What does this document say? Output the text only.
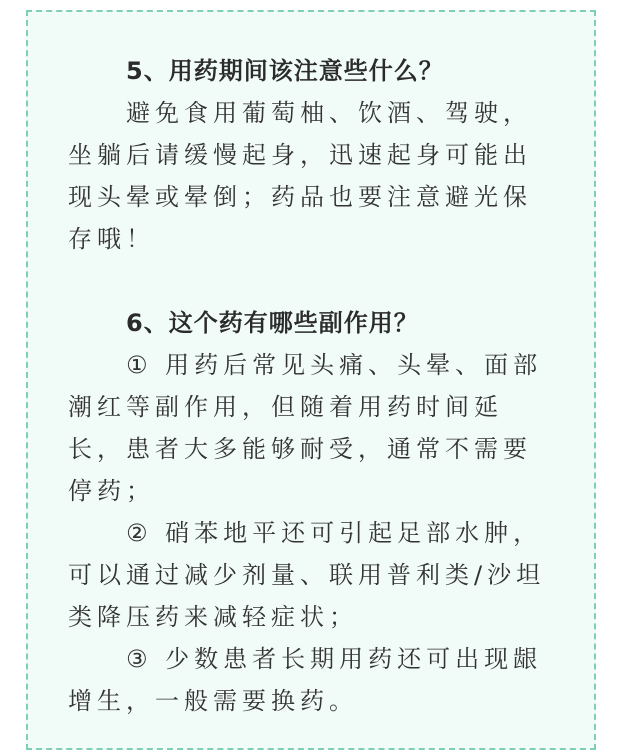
5、用药期间该注意些什么？

避免食用葡萄柚、饮酒、驾驶，坐躺后请缓慢起身，迅速起身可能出现头晕或晕倒；药品也要注意避光保存哦！

6、这个药有哪些副作用？

① 用药后常见头痛、头晕、面部潮红等副作用，但随着用药时间延长，患者大多能够耐受，通常不需要停药；

② 硝苯地平还可引起足部水肿，可以通过减少剂量、联用普利类/沙坦类降压药来减轻症状；

③ 少数患者长期用药还可出现龈增生，一般需要换药。
